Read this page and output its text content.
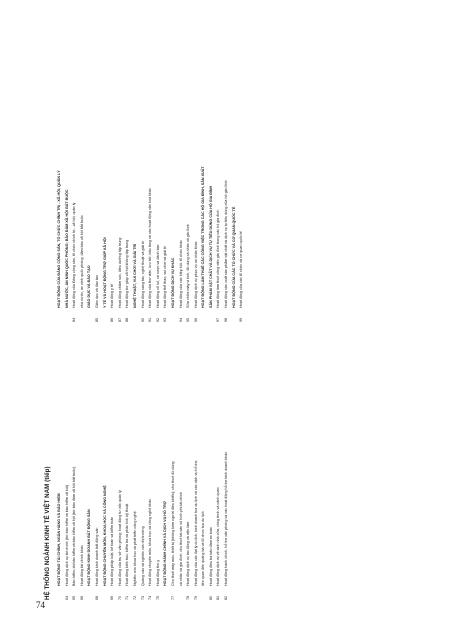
74
HỆ THỐNG NGÀNH KINH TẾ VIỆT NAM (tiếp)	HOẠT ĐỘNG TÀI CHÍNH, NGÂN HÀNG VÀ BẢO HIỂM
64
Hoạt động dịch vụ tài chính (trừ bảo hiểm và bảo hiểm xã hội)
65
Bảo hiểm, tái bảo hiểm và bảo hiểm xã hội (trừ bảo đảm xã hội bắt buộc)
66
Hoạt động tài chính khác HOẠT ĐỘNG KINH DOANH BẤT ĐỘNG SẢN
68
Hoạt động kinh doanh bất động sản HOẠT ĐỘNG CHUYÊN MÔN, KHOA HỌC VÀ CÔNG NGHỆ
69
Hoạt động pháp luật, kế toán và kiểm toán
70
Hoạt động của trụ sở văn phòng; hoạt động tư vấn quản lý
71
Hoạt động kiến trúc; kiểm tra và phân tích kỹ thuật
72
Nghiên cứu khoa học và phát triển công nghệ
73
Quảng cáo và nghiên cứu thị trường
74
Hoạt động chuyên môn, khoa học và công nghệ khác
75
Hoạt động thú y HOẠT ĐỘNG HÀNH CHÍNH VÀ DỊCH VỤ HỖ TRỢ
77
Cho thuê máy móc, thiết bị (không kèm người điều khiển); cho thuê đồ dùng cá nhân và gia đình; cho thuê tài sản vô hình phi tài chính
78
Hoạt động dịch vụ lao động và việc làm
79
Hoạt động của các đại lý du lịch, kinh doanh tua du lịch và các dịch vụ hỗ trợ, liên quan đến quảng bá và tổ chức tua du lịch
80
Hoạt động điều tra bảo đảm an toàn
81
Hoạt động dịch vụ vệ sinh nhà cửa, công trình và cảnh quan
82
Hoạt động hành chính, hỗ trợ văn phòng và các hoạt động hỗ trợ kinh doanh khác
HOẠT ĐỘNG CỦA ĐẢNG CỘNG SẢN, TỔ CHỨC CHÍNH TRỊ - XÃ HỘI, QUẢN LÝ NHÀ NƯỚC, AN NINH QUỐC PHÒNG; BẢO ĐẢM XÃ HỘI BẮT BUỘC
84
Hoạt động của Đảng cộng sản, tổ chức chính trị - xã hội, quản lý nhà nước, an ninh quốc phòng; đảm bảo xã hội bắt buộc GIÁO DỤC VÀ ĐÀO TẠO
85
Giáo dục và đào tạo Y TẾ VÀ HOẠT ĐỘNG TRỢ GIÚP XÃ HỘI
86
Hoạt động y tế
87
Hoạt động chăm sóc, điều dưỡng tập trung
88
Hoạt động trợ giúp xã hội không tập trung NGHỆ THUẬT, VUI CHƠI VÀ GIẢI TRÍ
90
Hoạt động sáng tác, nghệ thuật và giải trí
91
Hoạt động của thư viện, lưu trữ, bảo tàng và các hoạt động văn hoá khác
92
Hoạt động xổ số, cá cược và đánh bạc
93
Hoạt động thể thao, vui chơi và giải trí HOẠT ĐỘNG DỊCH VỤ KHÁC
94
Hoạt động của các hiệp hội, tổ chức khác
95
Sửa chữa máy vi tính, đồ dùng cá nhân và gia đình
96
Hoạt động dịch vụ phục vụ cá nhân khác HOẠT ĐỘNG LÀM THUÊ CÁC CÔNG VIỆC TRONG CÁC HỘ GIA ĐÌNH, SẢN XUẤT SẢN PHẨM VẬT CHẤT VÀ DỊCH VỤ TỰ TIÊU DÙNG CỦA HỘ GIA ĐÌNH
97
Hoạt động làm thuê công việc gia đình trong các hộ gia đình
98
Hoạt động sản xuất sản phẩm vật chất và dịch vụ tự tiêu dùng của hộ gia đình HOẠT ĐỘNG CỦA CÁC TỔ CHỨC VÀ CƠ QUAN QUỐC TẾ
99
Hoạt động của các tổ chức và cơ quan quốc tế
